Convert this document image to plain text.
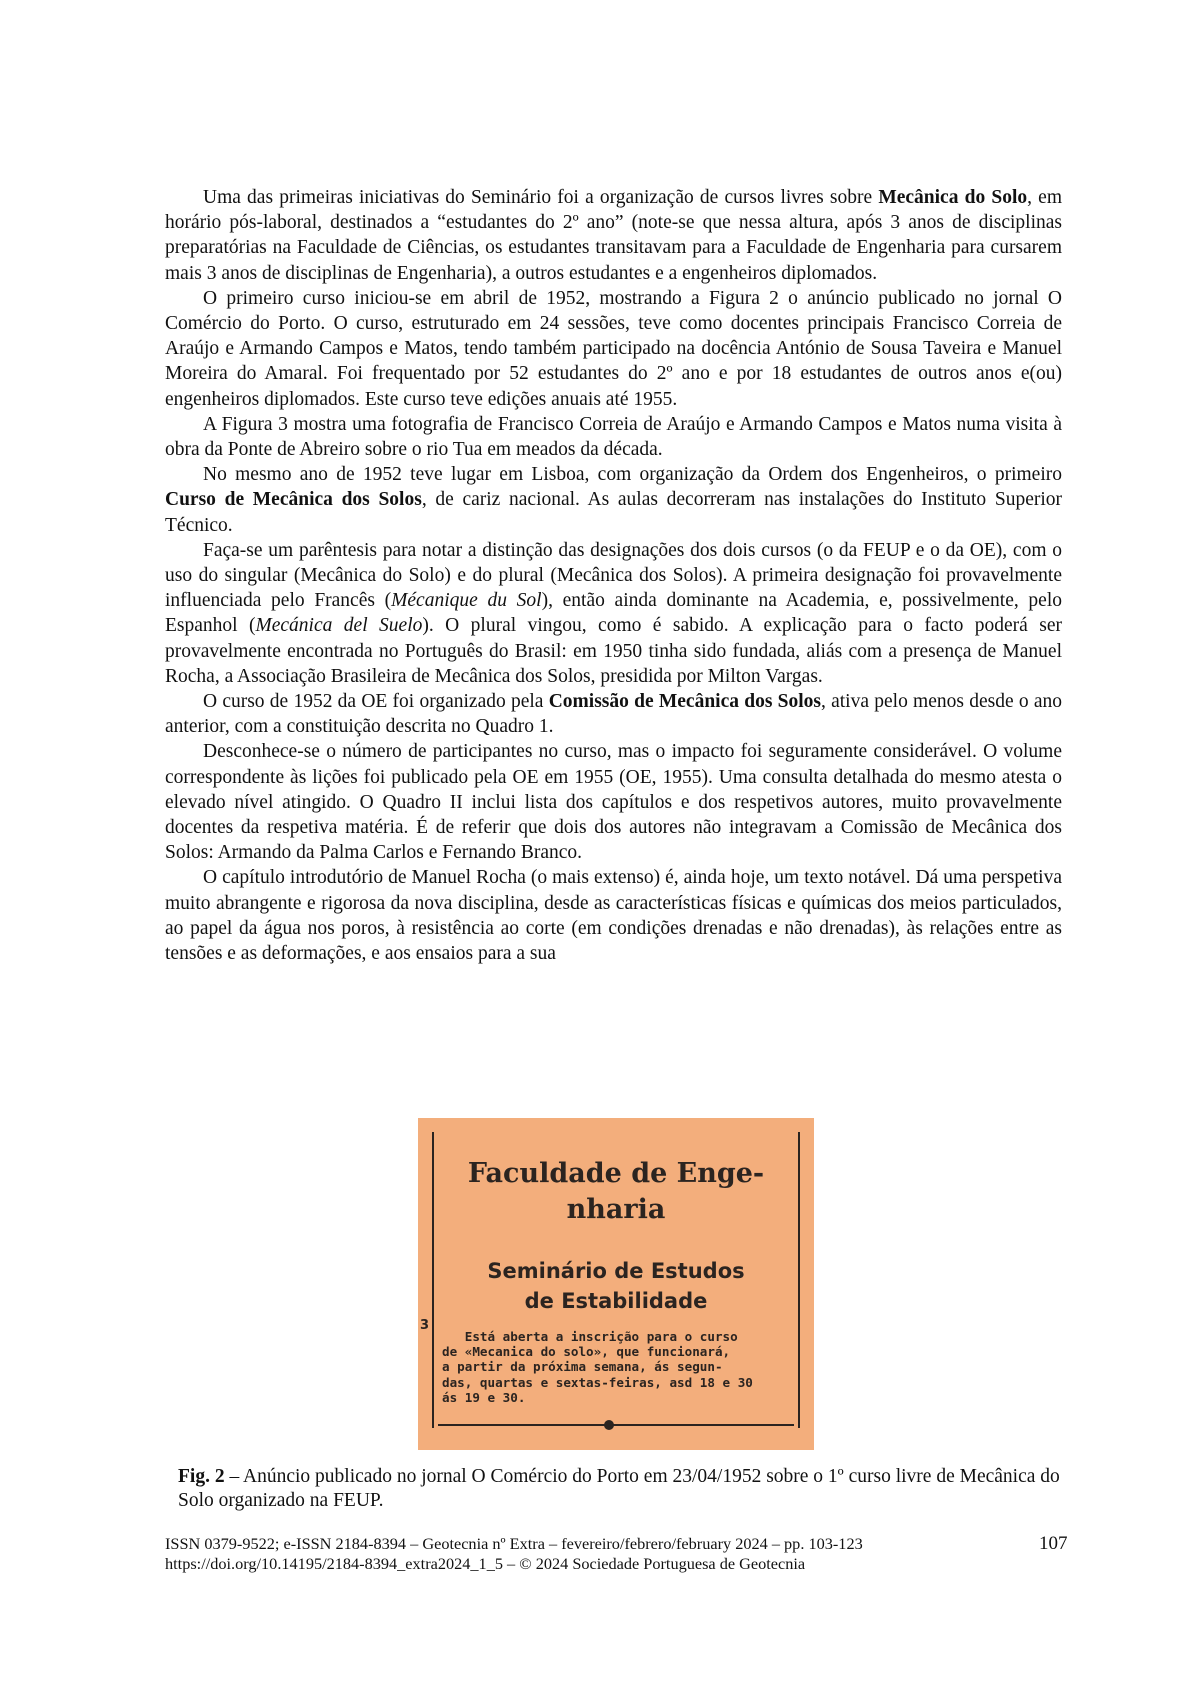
Uma das primeiras iniciativas do Seminário foi a organização de cursos livres sobre Mecânica do Solo, em horário pós-laboral, destinados a “estudantes do 2º ano” (note-se que nessa altura, após 3 anos de disciplinas preparatórias na Faculdade de Ciências, os estudantes transitavam para a Faculdade de Engenharia para cursarem mais 3 anos de disciplinas de Engenharia), a outros estudantes e a engenheiros diplomados.

O primeiro curso iniciou-se em abril de 1952, mostrando a Figura 2 o anúncio publicado no jornal O Comércio do Porto. O curso, estruturado em 24 sessões, teve como docentes principais Francisco Correia de Araújo e Armando Campos e Matos, tendo também participado na docência António de Sousa Taveira e Manuel Moreira do Amaral. Foi frequentado por 52 estudantes do 2º ano e por 18 estudantes de outros anos e(ou) engenheiros diplomados. Este curso teve edições anuais até 1955.

A Figura 3 mostra uma fotografia de Francisco Correia de Araújo e Armando Campos e Matos numa visita à obra da Ponte de Abreiro sobre o rio Tua em meados da década.

No mesmo ano de 1952 teve lugar em Lisboa, com organização da Ordem dos Engenheiros, o primeiro Curso de Mecânica dos Solos, de cariz nacional. As aulas decorreram nas instalações do Instituto Superior Técnico.

Faça-se um parêntesis para notar a distinção das designações dos dois cursos (o da FEUP e o da OE), com o uso do singular (Mecânica do Solo) e do plural (Mecânica dos Solos). A primeira designação foi provavelmente influenciada pelo Francês (Mécanique du Sol), então ainda dominante na Academia, e, possivelmente, pelo Espanhol (Mecánica del Suelo). O plural vingou, como é sabido. A explicação para o facto poderá ser provavelmente encontrada no Português do Brasil: em 1950 tinha sido fundada, aliás com a presença de Manuel Rocha, a Associação Brasileira de Mecânica dos Solos, presidida por Milton Vargas.

O curso de 1952 da OE foi organizado pela Comissão de Mecânica dos Solos, ativa pelo menos desde o ano anterior, com a constituição descrita no Quadro 1.

Desconhece-se o número de participantes no curso, mas o impacto foi seguramente considerável. O volume correspondente às lições foi publicado pela OE em 1955 (OE, 1955). Uma consulta detalhada do mesmo atesta o elevado nível atingido. O Quadro II inclui lista dos capítulos e dos respetivos autores, muito provavelmente docentes da respetiva matéria. É de referir que dois dos autores não integravam a Comissão de Mecânica dos Solos: Armando da Palma Carlos e Fernando Branco.

O capítulo introdutório de Manuel Rocha (o mais extenso) é, ainda hoje, um texto notável. Dá uma perspetiva muito abrangente e rigorosa da nova disciplina, desde as características físicas e químicas dos meios particulados, ao papel da água nos poros, à resistência ao corte (em condições drenadas e não drenadas), às relações entre as tensões e as deformações, e aos ensaios para a sua

Faculdade de Enge-
nharia
Seminário de Estudos
de Estabilidade
Está aberta a inscrição para o curso
de «Mecanica do solo», que funcionará,
a partir da próxima semana, ás segun-
das, quartas e sextas-feiras, asd 18 e 30
ás 19 e 30.
3
Fig. 2 – Anúncio publicado no jornal O Comércio do Porto em 23/04/1952 sobre o 1º curso livre de Mecânica do Solo organizado na FEUP.
ISSN 0379-9522; e-ISSN 2184-8394 – Geotecnia nº Extra – fevereiro/febrero/february 2024 – pp. 103-123
https://doi.org/10.14195/2184-8394_extra2024_1_5 – © 2024 Sociedade Portuguesa de Geotecnia
107
